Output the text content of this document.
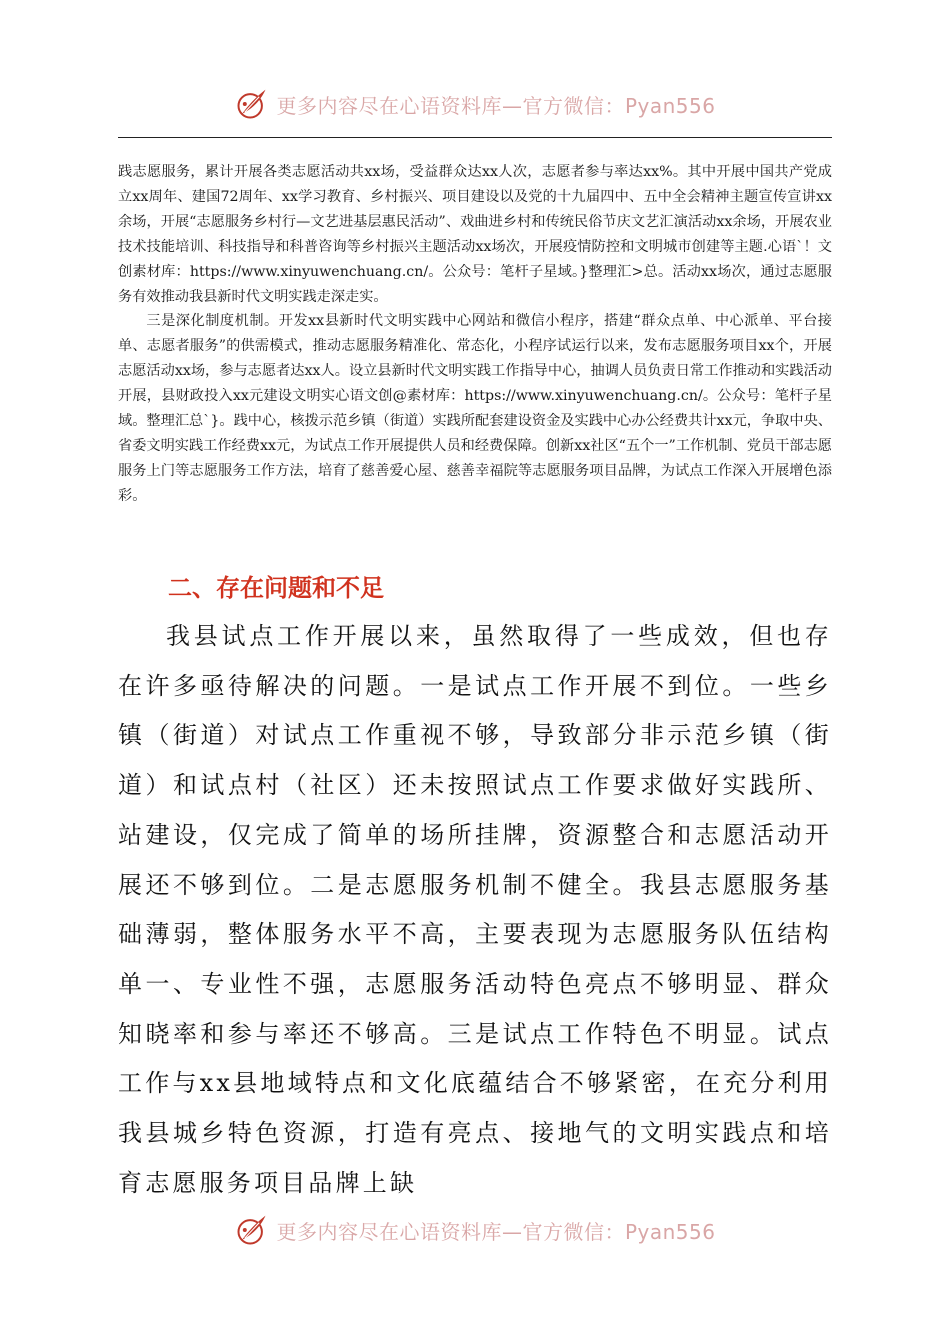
更多内容尽在心语资料库—官方微信：Pyan556

践志愿服务，累计开展各类志愿活动共xx场，受益群众达xx人次，志愿者参与率达xx%。其中开展中国共产党成立xx周年、建国72周年、xx学习教育、乡村振兴、项目建设以及党的十九届四中、五中全会精神主题宣传宣讲xx余场，开展“志愿服务乡村行—文艺进基层惠民活动”、戏曲进乡村和传统民俗节庆文艺汇演活动xx余场，开展农业技术技能培训、科技指导和科普咨询等乡村振兴主题活动xx场次，开展疫情防控和文明城市创建等主题.心语`！文创素材库：https://www.xinyuwenchuang.cn/。公众号：笔杆子星域。}整理汇>总。活动xx场次，通过志愿服务有效推动我县新时代文明实践走深走实。

三是深化制度机制。开发xx县新时代文明实践中心网站和微信小程序，搭建“群众点单、中心派单、平台接单、志愿者服务”的供需模式，推动志愿服务精准化、常态化，小程序试运行以来，发布志愿服务项目xx个，开展志愿活动xx场，参与志愿者达xx人。设立县新时代文明实践工作指导中心，抽调人员负责日常工作推动和实践活动开展，县财政投入xx元建设文明实心语文创@素材库：https://www.xinyuwenchuang.cn/。公众号：笔杆子星域。整理汇总`}。践中心，核拨示范乡镇（街道）实践所配套建设资金及实践中心办公经费共计xx元，争取中央、省委文明实践工作经费xx元，为试点工作开展提供人员和经费保障。创新xx社区“五个一”工作机制、党员干部志愿服务上门等志愿服务工作方法，培育了慈善爱心屋、慈善幸福院等志愿服务项目品牌，为试点工作深入开展增色添彩。

二、存在问题和不足

我县试点工作开展以来，虽然取得了一些成效，但也存在许多亟待解决的问题。一是试点工作开展不到位。一些乡镇（街道）对试点工作重视不够，导致部分非示范乡镇（街道）和试点村（社区）还未按照试点工作要求做好实践所、站建设，仅完成了简单的场所挂牌，资源整合和志愿活动开展还不够到位。二是志愿服务机制不健全。我县志愿服务基础薄弱，整体服务水平不高，主要表现为志愿服务队伍结构单一、专业性不强，志愿服务活动特色亮点不够明显、群众知晓率和参与率还不够高。三是试点工作特色不明显。试点工作与xx县地域特点和文化底蕴结合不够紧密，在充分利用我县城乡特色资源，打造有亮点、接地气的文明实践点和培育志愿服务项目品牌上缺

更多内容尽在心语资料库—官方微信：Pyan556
